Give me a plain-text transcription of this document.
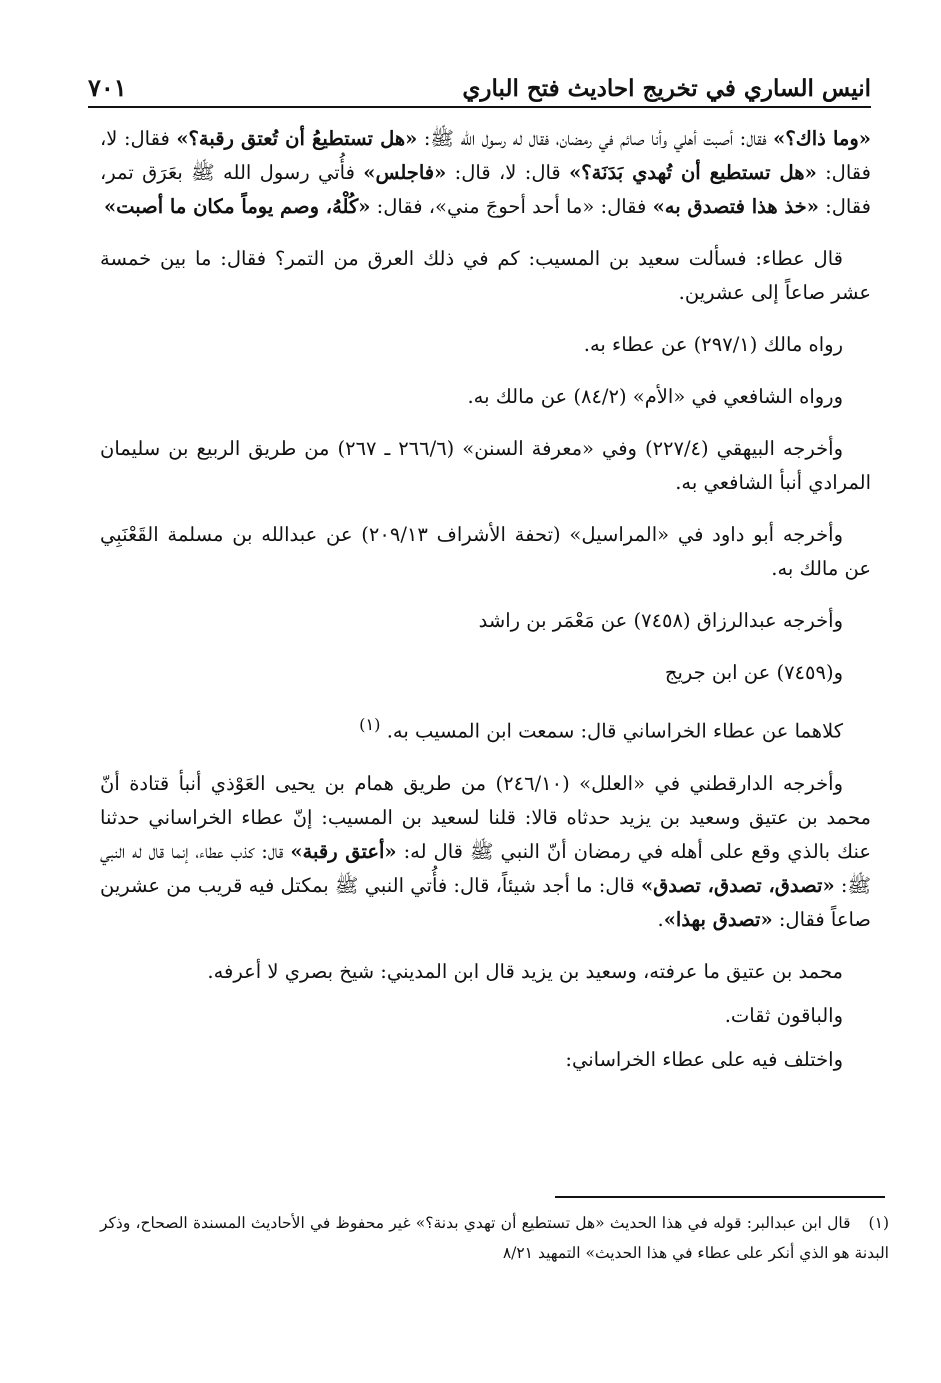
انيس الساري في تخريج احاديث فتح الباري
٧٠١

«وما ذاك؟» فقال: أصبت أهلي وأنا صائم في رمضان، فقال له رسول الله ﷺ: «هل تستطيعُ أن تُعتق رقبة؟» فقال: لا، فقال: «هل تستطيع أن تُهدي بَدَنَة؟» قال: لا، قال: «فاجلس» فأُتي رسول الله ﷺ بعَرَق تمر، فقال: «خذ هذا فتصدق به» فقال: «ما أحد أحوجَ مني»، فقال: «كُلْهُ، وصم يوماً مكان ما أصبت»

قال عطاء: فسألت سعيد بن المسيب: كم في ذلك العرق من التمر؟ فقال: ما بين خمسة عشر صاعاً إلى عشرين.

رواه مالك (٢٩٧/١) عن عطاء به.

ورواه الشافعي في «الأم» (٨٤/٢) عن مالك به.

وأخرجه البيهقي (٢٢٧/٤) وفي «معرفة السنن» (٢٦٦/٦ ـ ٢٦٧) من طريق الربيع بن سليمان المرادي أنبأ الشافعي به.

وأخرجه أبو داود في «المراسيل» (تحفة الأشراف ٢٠٩/١٣) عن عبدالله بن مسلمة القَعْنَبِي عن مالك به.

وأخرجه عبدالرزاق (٧٤٥٨) عن مَعْمَر بن راشد

و(٧٤٥٩) عن ابن جريج

كلاهما عن عطاء الخراساني قال: سمعت ابن المسيب به. $^{(١)}$

وأخرجه الدارقطني في «العلل» (٢٤٦/١٠) من طريق همام بن يحيى العَوْذي أنبأ قتادة أنّ محمد بن عتيق وسعيد بن يزيد حدثاه قالا: قلنا لسعيد بن المسيب: إنّ عطاء الخراساني حدثنا عنك بالذي وقع على أهله في رمضان أنّ النبي ﷺ قال له: «أعتق رقبة» قال: كذب عطاء، إنما قال له النبي ﷺ: «تصدق، تصدق، تصدق» قال: ما أجد شيئاً، قال: فأُتي النبي ﷺ بمكتل فيه قريب من عشرين صاعاً فقال: «تصدق بهذا».

محمد بن عتيق ما عرفته، وسعيد بن يزيد قال ابن المديني: شيخ بصري لا أعرفه.

والباقون ثقات.

واختلف فيه على عطاء الخراساني:

(١)قال ابن عبدالبر: قوله في هذا الحديث «هل تستطيع أن تهدي بدنة؟» غير محفوظ في الأحاديث المسندة الصحاح، وذكر البدنة هو الذي أنكر على عطاء في هذا الحديث» التمهيد ٨/٢١
